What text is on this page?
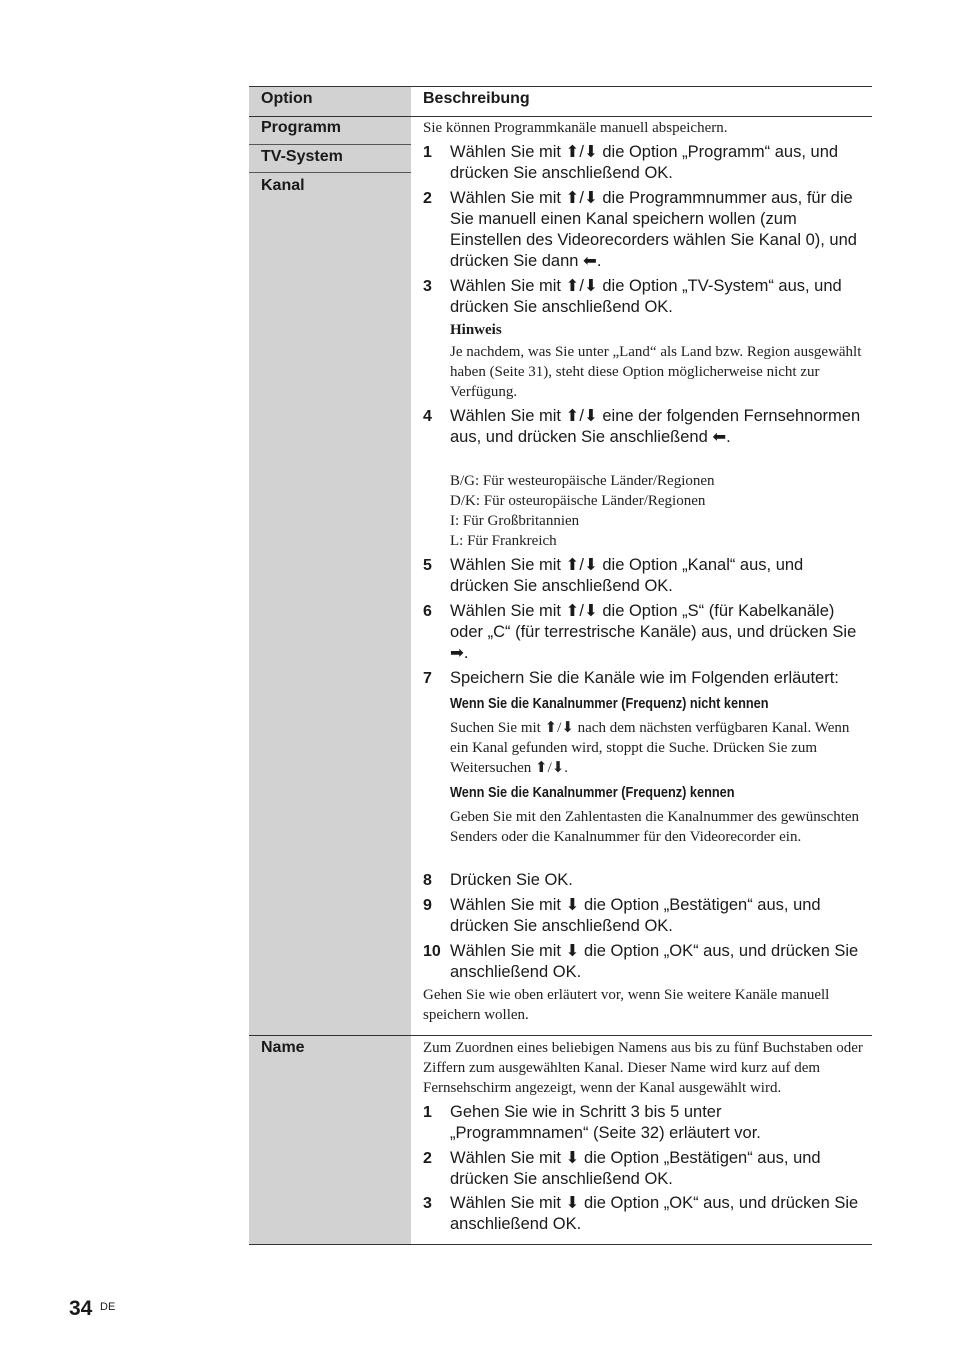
Option	Beschreibung
Programm
TV-System
Kanal
Sie können Programmkanäle manuell abspeichern.
1 Wählen Sie mit ⬆/⬇ die Option „Programm“ aus, und drücken Sie anschließend OK.
2 Wählen Sie mit ⬆/⬇ die Programmnummer aus, für die Sie manuell einen Kanal speichern wollen (zum Einstellen des Videorecorders wählen Sie Kanal 0), und drücken Sie dann ⬅.
3 Wählen Sie mit ⬆/⬇ die Option „TV-System“ aus, und drücken Sie anschließend OK.
Hinweis
Je nachdem, was Sie unter „Land“ als Land bzw. Region ausgewählt haben (Seite 31), steht diese Option möglicherweise nicht zur Verfügung.
4 Wählen Sie mit ⬆/⬇ eine der folgenden Fernsehnormen aus, und drücken Sie anschließend ⬅.
B/G: Für westeuropäische Länder/Regionen
D/K: Für osteuropäische Länder/Regionen
I: Für Großbritannien
L: Für Frankreich
5 Wählen Sie mit ⬆/⬇ die Option „Kanal“ aus, und drücken Sie anschließend OK.
6 Wählen Sie mit ⬆/⬇ die Option „S“ (für Kabelkanäle) oder „C“ (für terrestrische Kanäle) aus, und drücken Sie ➡.
7 Speichern Sie die Kanäle wie im Folgenden erläutert:
Wenn Sie die Kanalnummer (Frequenz) nicht kennen
Suchen Sie mit ⬆/⬇ nach dem nächsten verfügbaren Kanal. Wenn ein Kanal gefunden wird, stoppt die Suche. Drücken Sie zum Weitersuchen ⬆/⬇.
Wenn Sie die Kanalnummer (Frequenz) kennen
Geben Sie mit den Zahlentasten die Kanalnummer des gewünschten Senders oder die Kanalnummer für den Videorecorder ein.
8 Drücken Sie OK.
9 Wählen Sie mit ⬇ die Option „Bestätigen“ aus, und drücken Sie anschließend OK.
10 Wählen Sie mit ⬇ die Option „OK“ aus, und drücken Sie anschließend OK.
Gehen Sie wie oben erläutert vor, wenn Sie weitere Kanäle manuell speichern wollen.
Name	Zum Zuordnen eines beliebigen Namens aus bis zu fünf Buchstaben oder Ziffern zum ausgewählten Kanal. Dieser Name wird kurz auf dem Fernsehschirm angezeigt, wenn der Kanal ausgewählt wird.
1 Gehen Sie wie in Schritt 3 bis 5 unter „Programmnamen“ (Seite 32) erläutert vor.
2 Wählen Sie mit ⬇ die Option „Bestätigen“ aus, und drücken Sie anschließend OK.
3 Wählen Sie mit ⬇ die Option „OK“ aus, und drücken Sie anschließend OK.
34 DE
